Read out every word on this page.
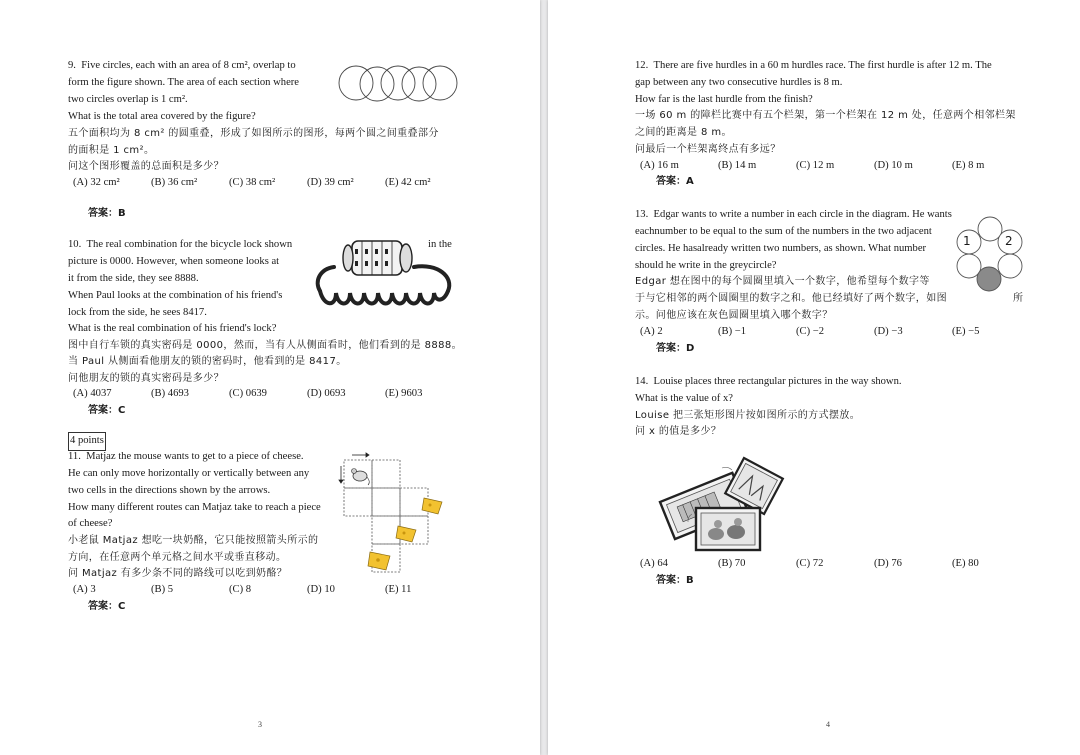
9. Five circles, each with an area of 8 cm², overlap to
form the figure shown. The area of each section where
two circles overlap is 1 cm².
What is the total area covered by the figure?
五个面积均为 8 cm² 的圆重叠，形成了如图所示的图形，每两个圆之间重叠部分
的面积是 1 cm²。
问这个图形覆盖的总面积是多少？
(A) 32 cm²	(B) 36 cm²	(C) 38 cm²	(D) 39 cm²	(E) 42 cm²
答案：B
10. The real combination for the bicycle lock shown	in the
picture is 0000. However, when someone looks at
it from the side, they see 8888.
When Paul looks at the combination of his friend's
lock from the side, he sees 8417.
What is the real combination of his friend's lock?
图中自行车锁的真实密码是 0000，然而，当有人从侧面看时，他们看到的是 8888。
当 Paul 从侧面看他朋友的锁的密码时，他看到的是 8417。
问他朋友的锁的真实密码是多少？
(A) 4037	(B) 4693	(C) 0639	(D) 0693	(E) 9603
答案：C
4 points
11. Matjaz the mouse wants to get to a piece of cheese.
He can only move horizontally or vertically between any
two cells in the directions shown by the arrows.
How many different routes can Matjaz take to reach a piece
of cheese?
小老鼠 Matjaz 想吃一块奶酪，它只能按照箭头所示的
方向，在任意两个单元格之间水平或垂直移动。
问 Matjaz 有多少条不同的路线可以吃到奶酪？
(A) 3	(B) 5	(C) 8	(D) 10	(E) 11
答案：C
3
12. There are five hurdles in a 60 m hurdles race. The first hurdle is after 12 m. The
gap between any two consecutive hurdles is 8 m.
How far is the last hurdle from the finish?
一场 60 m 的障栏比赛中有五个栏架，第一个栏架在 12 m 处，任意两个相邻栏架
之间的距离是 8 m。
问最后一个栏架离终点有多远？
(A) 16 m	(B) 14 m	(C) 12 m	(D) 10 m	(E) 8 m
答案：A
13. Edgar wants to write a number in each circle in the diagram. He wants
eachnumber to be equal to the sum of the numbers in the two adjacent
circles. He hasalready written two numbers, as shown. What number
should he write in the greycircle?
Edgar 想在图中的每个圆圈里填入一个数字，他希望每个数字等
于与它相邻的两个圆圈里的数字之和。他已经填好了两个数字，如图	所
示。问他应该在灰色圆圈里填入哪个数字？
(A) 2	(B) −1	(C) −2	(D) −3	(E) −5
答案：D
1	2
14. Louise places three rectangular pictures in the way shown.
What is the value of x?
Louise 把三张矩形图片按如图所示的方式摆放。
问 x 的值是多少？
(A) 64	(B) 70	(C) 72	(D) 76	(E) 80
答案：B
4
